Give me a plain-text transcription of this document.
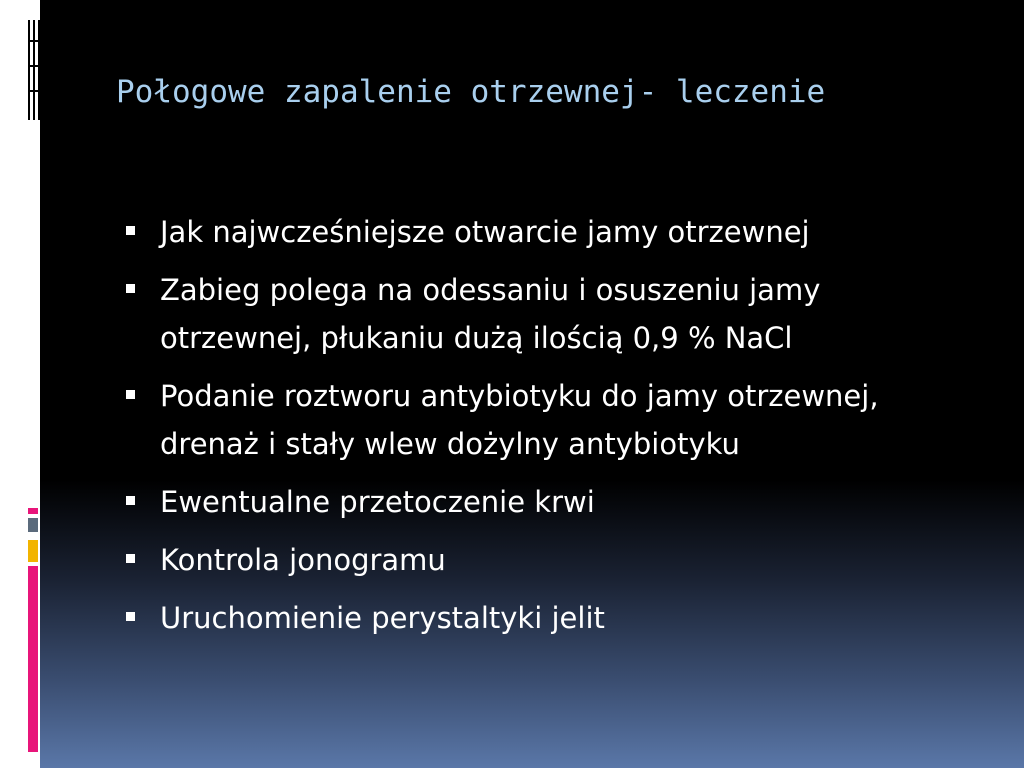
Połogowe zapalenie otrzewnej- leczenie
Jak najwcześniejsze otwarcie jamy otrzewnej
Zabieg polega na odessaniu i osuszeniu jamy otrzewnej, płukaniu dużą ilością 0,9 % NaCl
Podanie roztworu antybiotyku do jamy otrzewnej, drenaż i stały wlew dożylny antybiotyku
Ewentualne przetoczenie krwi
Kontrola jonogramu
Uruchomienie perystaltyki jelit
